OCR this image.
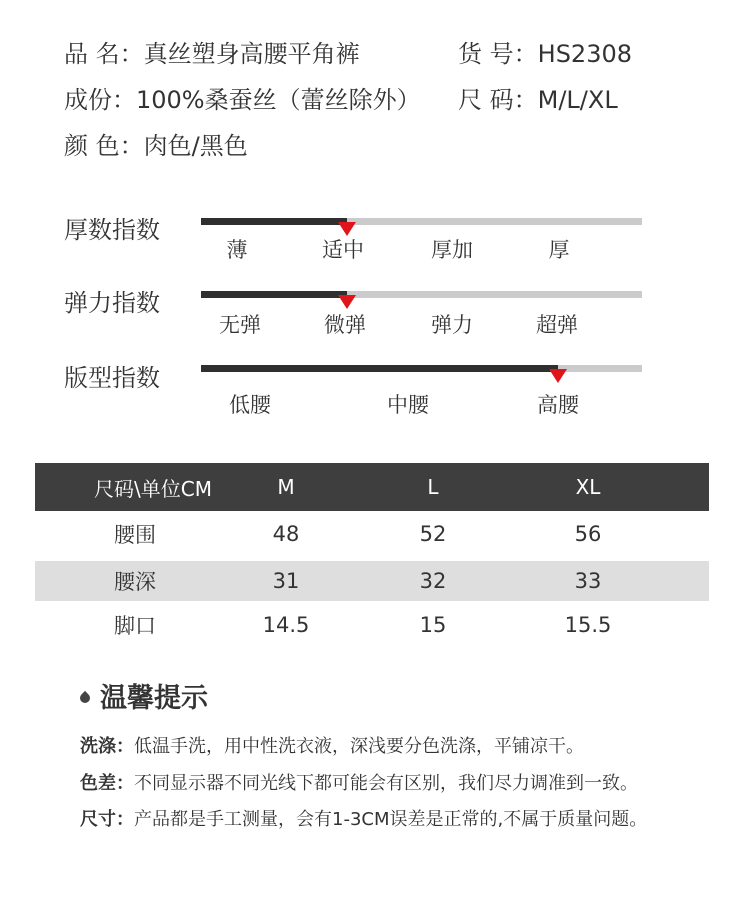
品 名：真丝塑身高腰平角裤	货 号：HS2308
成份：100%桑蚕丝（蕾丝除外） 尺 码：M/L/XL
颜 色：肉色/黑色
厚数指数
薄	适中	厚加	厚
弹力指数
无弹	微弹	弹力	超弹
版型指数
低腰	中腰	高腰
尺码\单位CM	M	L	XL
腰围	48	52	56
腰深	31	32	33
脚口	14.5	15	15.5
温馨提示
洗涤：低温手洗，用中性洗衣液，深浅要分色洗涤，平铺凉干。
色差：不同显示器不同光线下都可能会有区别，我们尽力调准到一致。
尺寸：产品都是手工测量，会有1-3CM误差是正常的,不属于质量问题。
